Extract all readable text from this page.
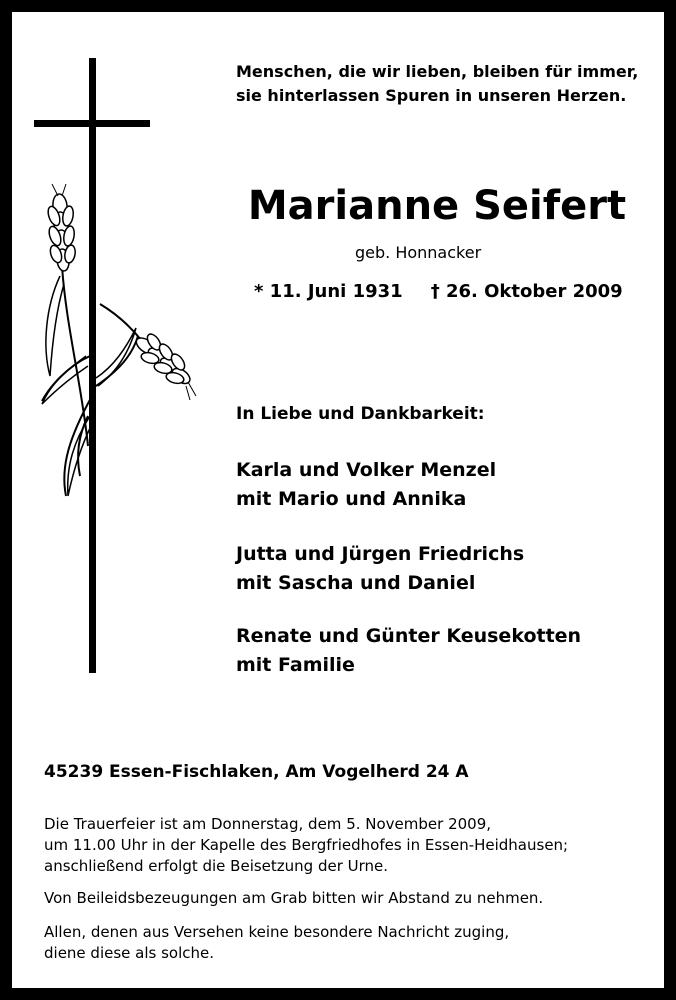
Menschen, die wir lieben, bleiben für immer,
sie hinterlassen Spuren in unseren Herzen.
Marianne Seifert
geb. Honnacker
* 11. Juni 1931 † 26. Oktober 2009
In Liebe und Dankbarkeit:
Karla und Volker Menzel
mit Mario und Annika
Jutta und Jürgen Friedrichs
mit Sascha und Daniel
Renate und Günter Keusekotten
mit Familie
45239 Essen-Fischlaken, Am Vogelherd 24 A
Die Trauerfeier ist am Donnerstag, dem 5. November 2009,
um 11.00 Uhr in der Kapelle des Bergfriedhofes in Essen-Heidhausen;
anschließend erfolgt die Beisetzung der Urne.
Von Beileidsbezeugungen am Grab bitten wir Abstand zu nehmen.
Allen, denen aus Versehen keine besondere Nachricht zuging,
diene diese als solche.
